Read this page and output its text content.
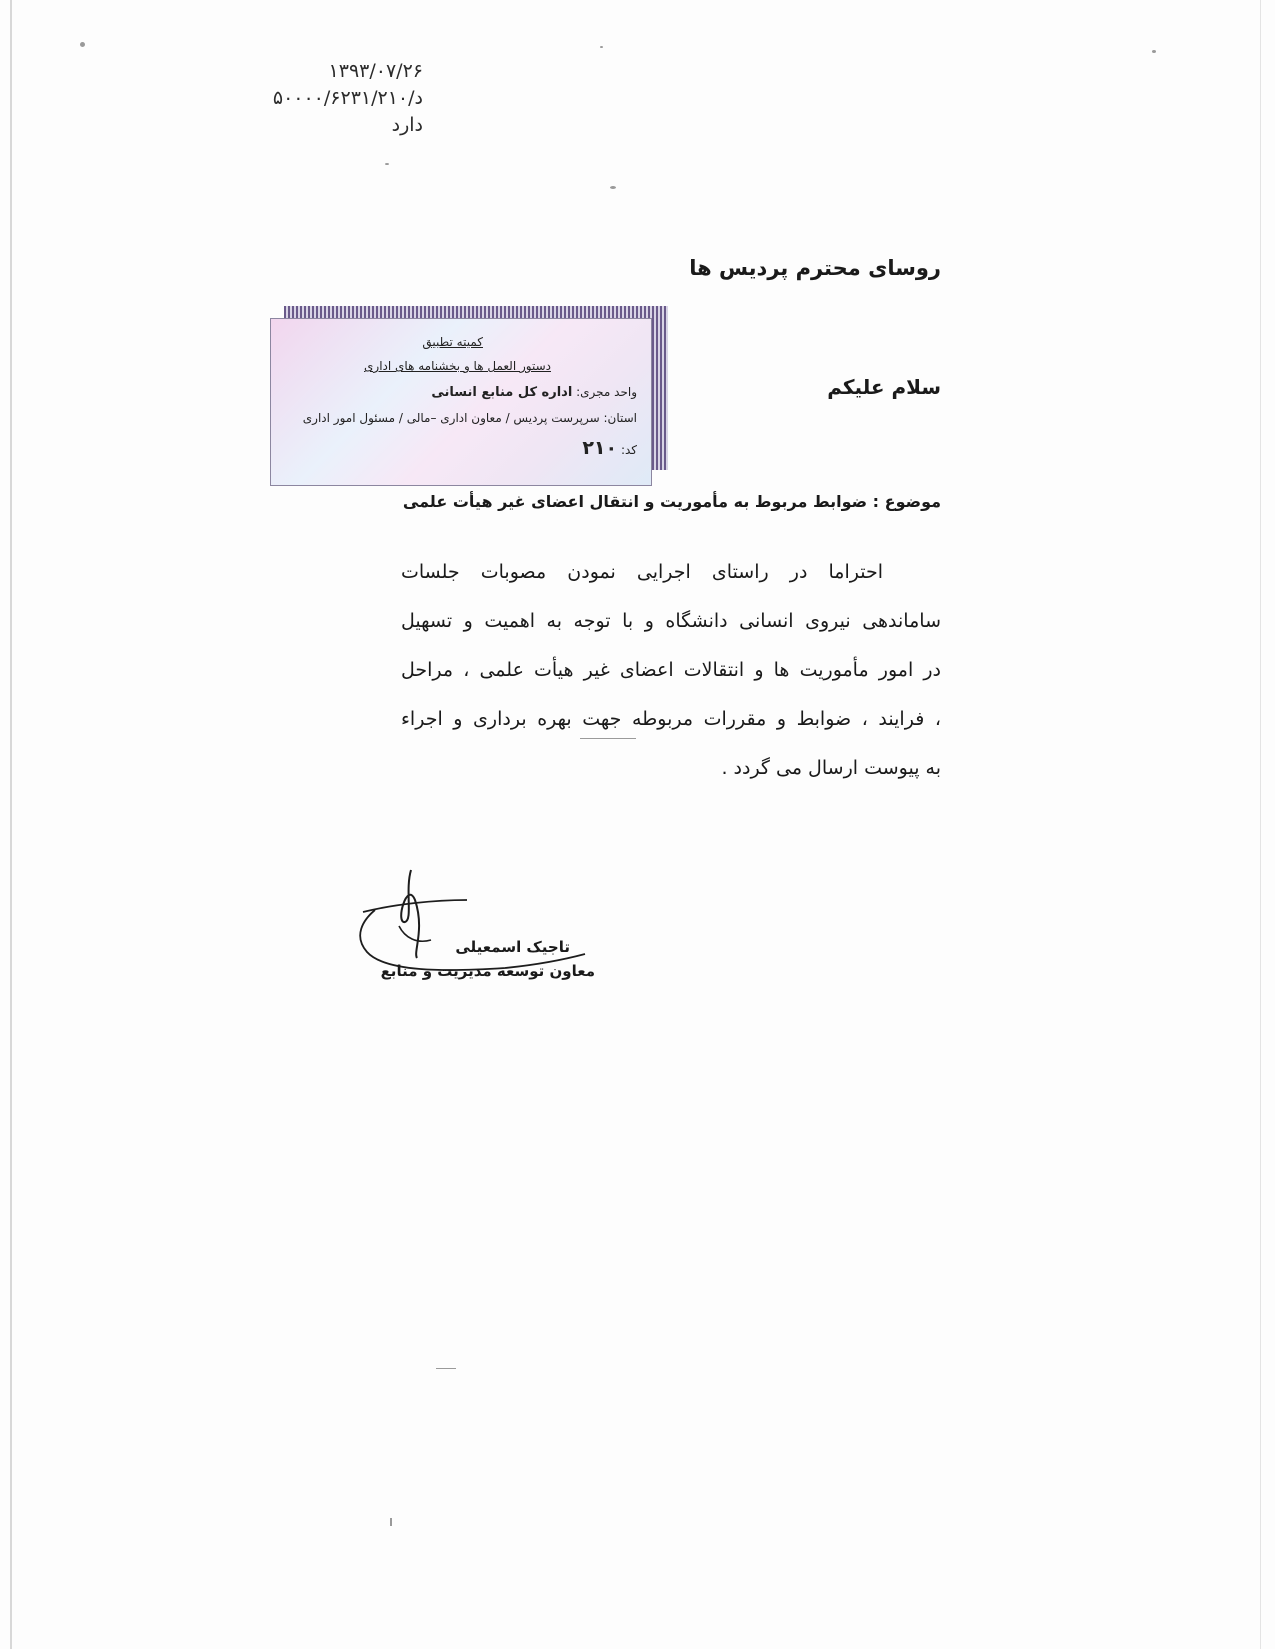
۱۳۹۳/۰۷/۲۶
د/۵۰۰۰۰/۶۲۳۱/۲۱۰
دارد
روسای محترم پردیس ها
کمیته تطبیق
دستور العمل ها و بخشنامه های اداری
واحد مجری: اداره کل منابع انسانی
استان: سرپرست پردیس / معاون اداری –مالی / مسئول امور اداری
کد: ۲۱۰
سلام علیکم
موضوع : ضوابط مربوط به مأموریت و انتقال اعضای غیر هیأت علمی

احتراما در راستای اجرایی نمودن مصوبات جلسات
ساماندهی نیروی انسانی دانشگاه و با توجه به اهمیت و تسهیل
در امور مأموریت ها و انتقالات اعضای غیر هیأت علمی ، مراحل
، فرایند ، ضوابط و مقررات مربوطه جهت بهره برداری و اجراء
به پیوست ارسال می گردد .

تاجیک اسمعیلی
معاون توسعه مدیریت و منابع
